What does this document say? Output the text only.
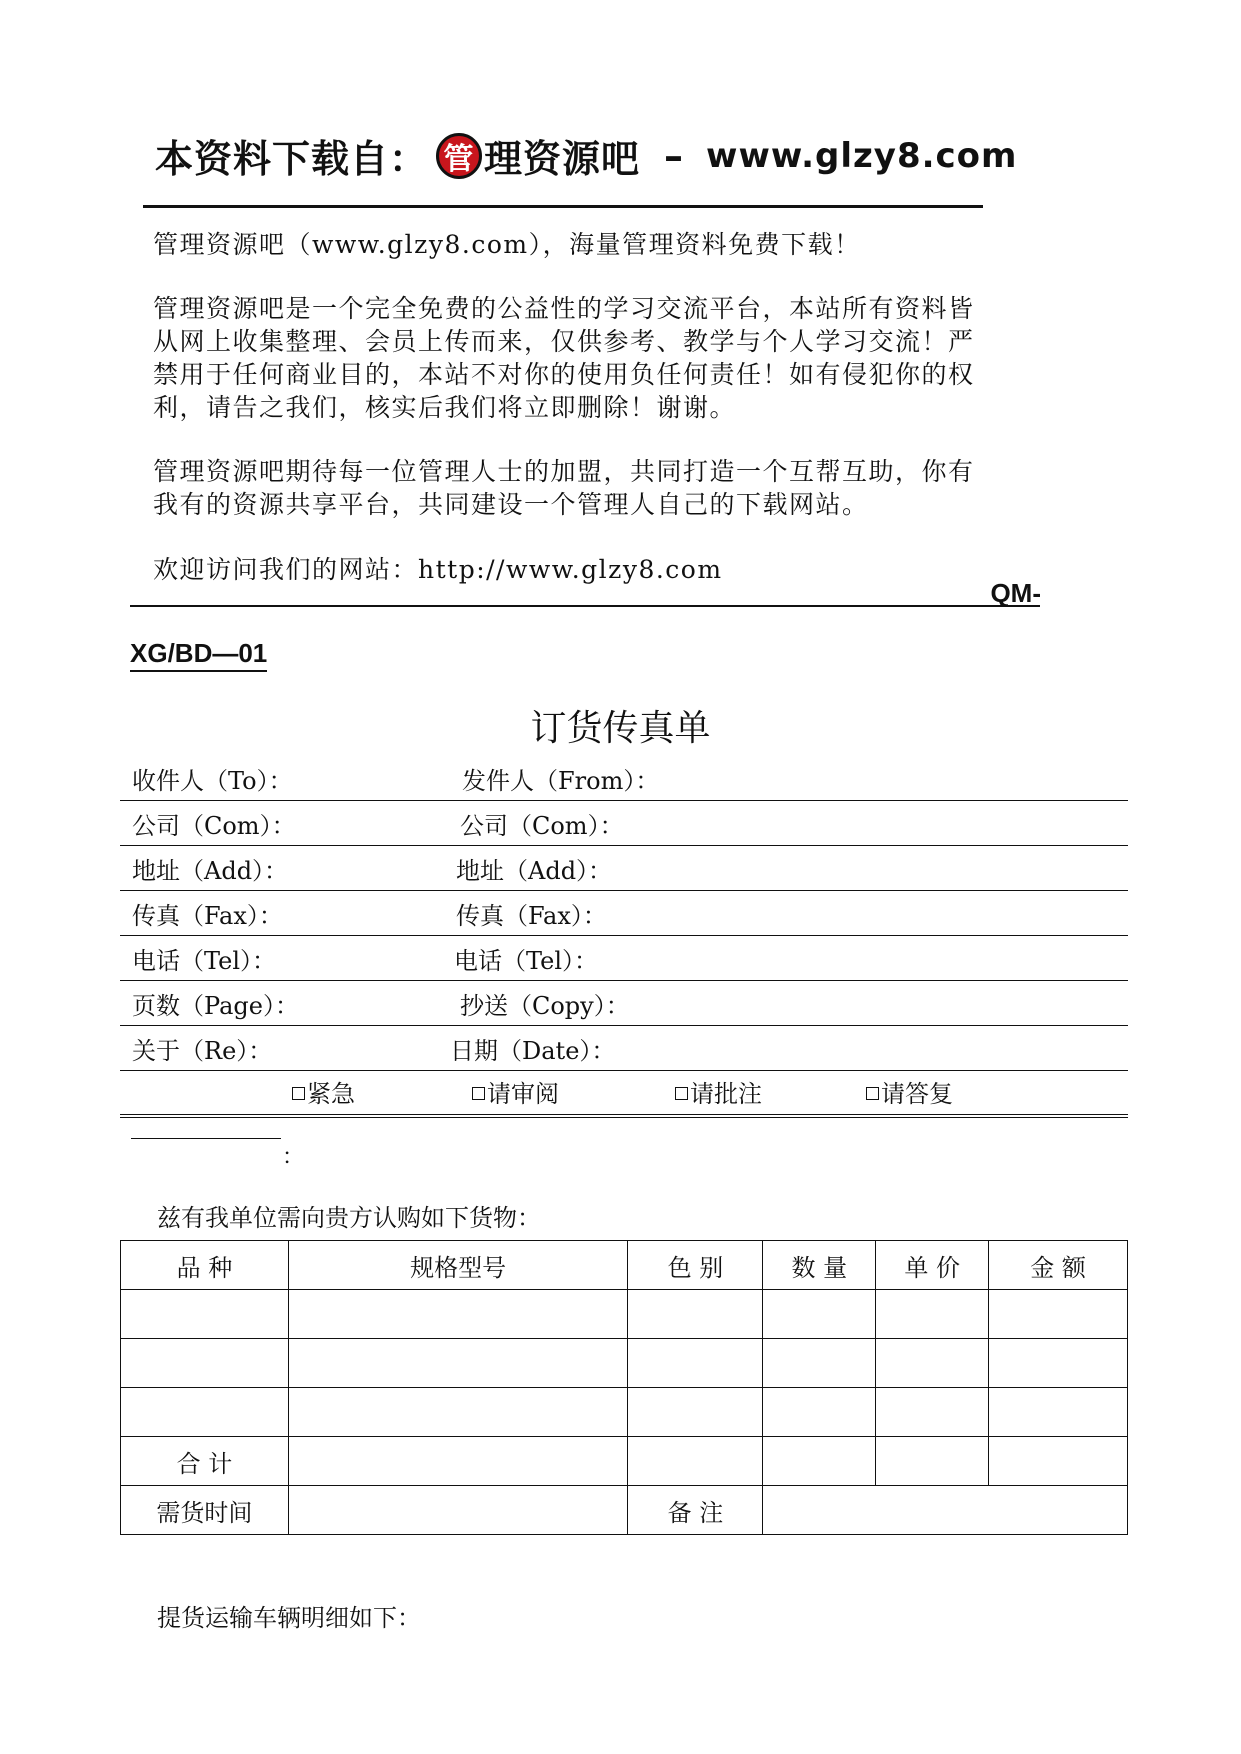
本资料下载自： 管 理资源吧 – www.glzy8.com
管理资源吧（www.glzy8.com），海量管理资料免费下载！
管理资源吧是一个完全免费的公益性的学习交流平台，本站所有资料皆从网上收集整理、会员上传而来，仅供参考、教学与个人学习交流！严禁用于任何商业目的，本站不对你的使用负任何责任！如有侵犯你的权利，请告之我们，核实后我们将立即删除！谢谢。
管理资源吧期待每一位管理人士的加盟，共同打造一个互帮互助，你有我有的资源共享平台，共同建设一个管理人自己的下载网站。
欢迎访问我们的网站：http://www.glzy8.com
QM-
XG/BD—01
订货传真单
收件人（To）：	发件人（From）：
公司（Com）：	公司（Com）：
地址（Add）：	地址（Add）：
传真（Fax）：	传真（Fax）：
电话（Tel）：	电话（Tel）：
页数（Page）：	抄送（Copy）：
关于（Re）：	日期（Date）：
紧急	请审阅	请批注	请答复
：
兹有我单位需向贵方认购如下货物：
品 种	规格型号	色 别	数 量	单 价	金 额

合 计					
需货时间		备 注			
提货运输车辆明细如下：
